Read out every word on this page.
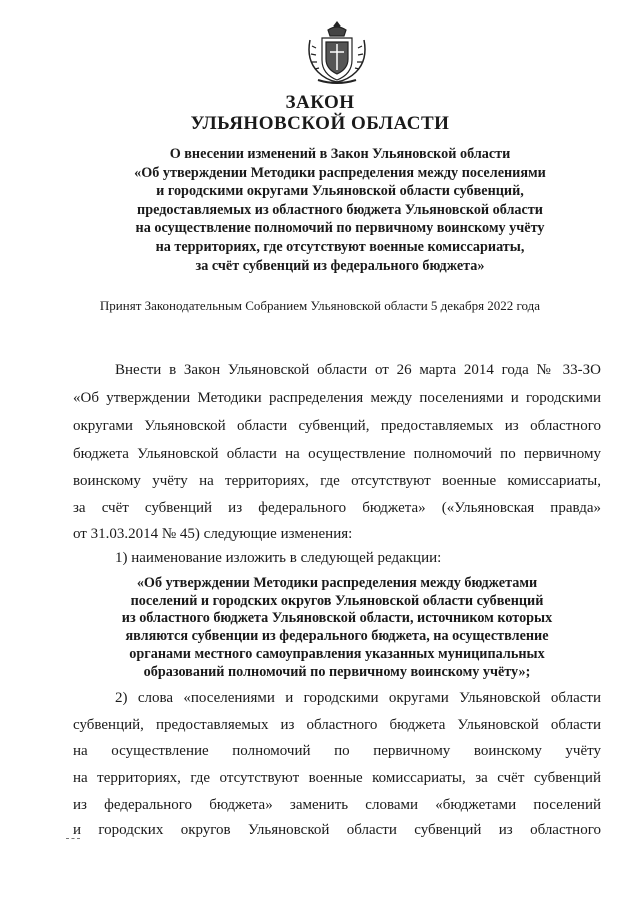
ЗАКОН
УЛЬЯНОВСКОЙ ОБЛАСТИ
О внесении изменений в Закон Ульяновской области
«Об утверждении Методики распределения между поселениями
и городскими округами Ульяновской области субвенций,
предоставляемых из областного бюджета Ульяновской области
на осуществление полномочий по первичному воинскому учёту
на территориях, где отсутствуют военные комиссариаты,
за счёт субвенций из федерального бюджета»
Принят Законодательным Собранием Ульяновской области 5 декабря 2022 года
Внести в Закон Ульяновской области от 26 марта 2014 года № 33-ЗО
«Об утверждении Методики распределения между поселениями и городскими
округами Ульяновской области субвенций, предоставляемых из областного
бюджета Ульяновской области на осуществление полномочий по первичному
воинскому учёту на территориях, где отсутствуют военные комиссариаты,
за счёт субвенций из федерального бюджета» («Ульяновская правда»
от 31.03.2014 № 45) следующие изменения:
1) наименование изложить в следующей редакции:
«Об утверждении Методики распределения между бюджетами
поселений и городских округов Ульяновской области субвенций
из областного бюджета Ульяновской области, источником которых
являются субвенции из федерального бюджета, на осуществление
органами местного самоуправления указанных муниципальных
образований полномочий по первичному воинскому учёту»;
2) слова «поселениями и городскими округами Ульяновской области
субвенций, предоставляемых из областного бюджета Ульяновской области
на осуществление полномочий по первичному воинскому учёту
на территориях, где отсутствуют военные комиссариаты, за счёт субвенций
из федерального бюджета» заменить словами «бюджетами поселений
и городских округов Ульяновской области субвенций из областного
